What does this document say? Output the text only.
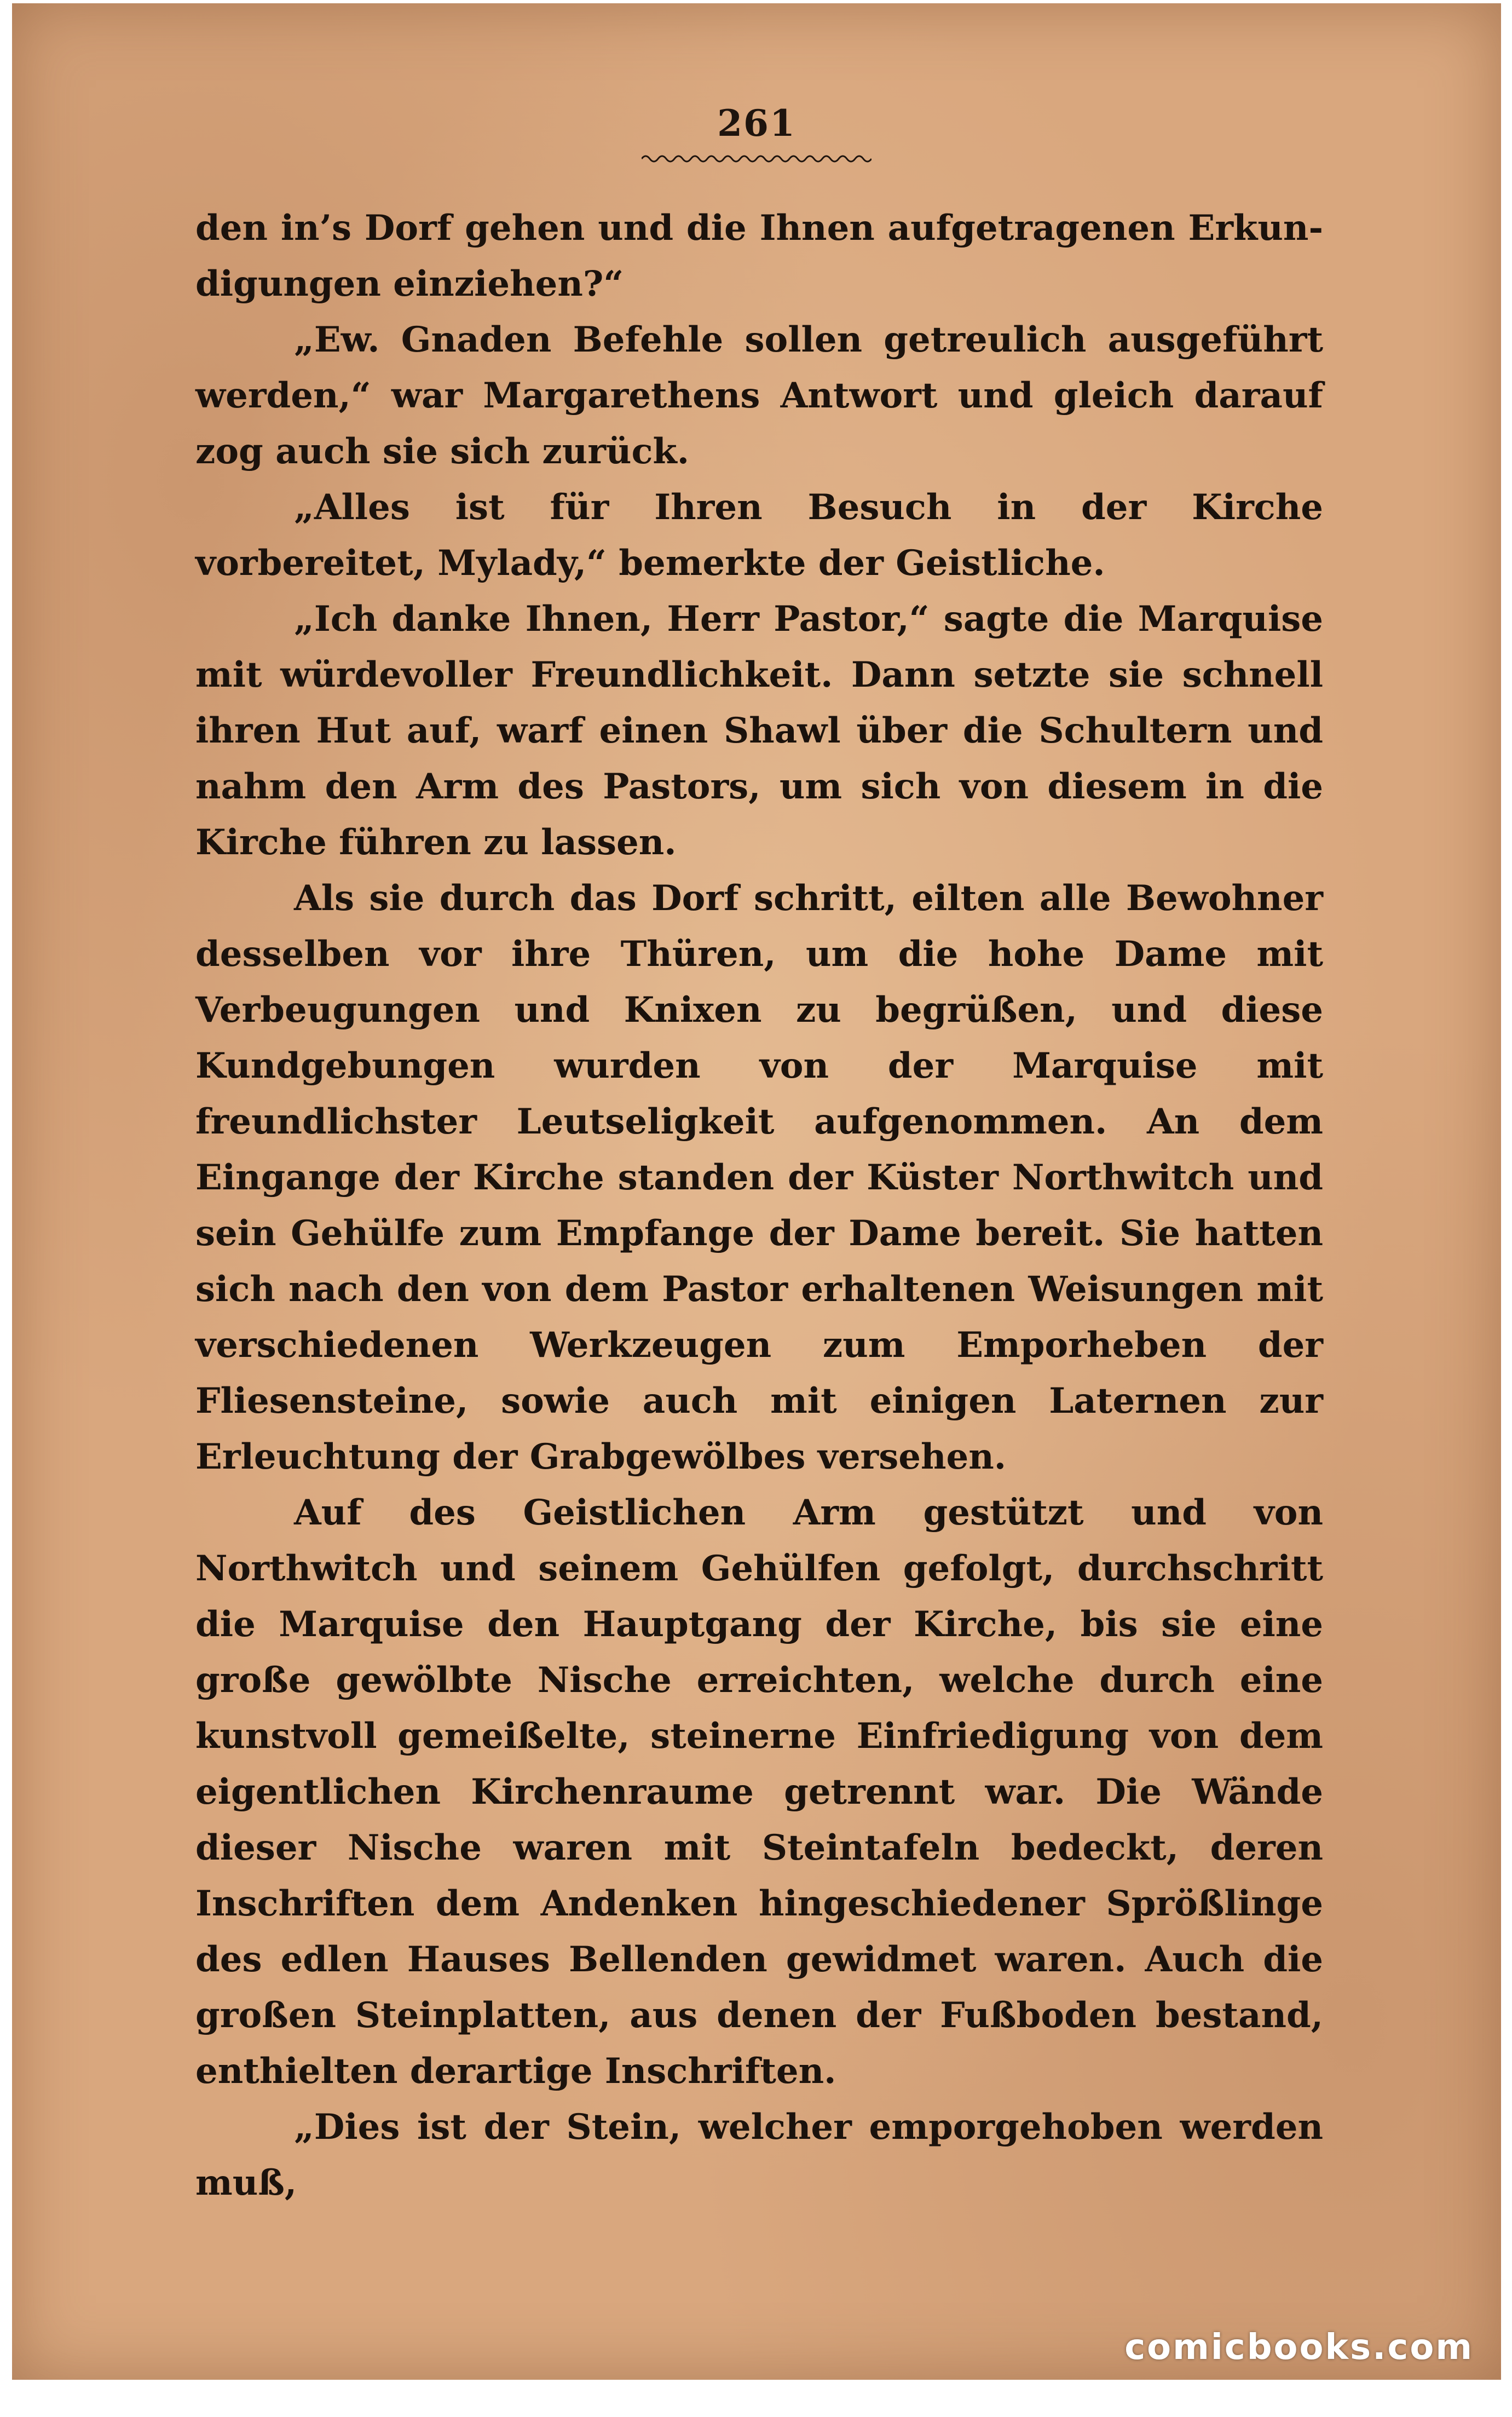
261

den in’s Dorf gehen und die Ihnen aufgetragenen Erkundigungen einziehen?“

„Ew. Gnaden Befehle sollen getreulich ausgeführt werden,“ war Margarethens Antwort und gleich darauf zog auch sie sich zurück.

„Alles ist für Ihren Besuch in der Kirche vorbereitet, Mylady,“ bemerkte der Geistliche.

„Ich danke Ihnen, Herr Pastor,“ sagte die Marquise mit würdevoller Freundlichkeit. Dann setzte sie schnell ihren Hut auf, warf einen Shawl über die Schultern und nahm den Arm des Pastors, um sich von diesem in die Kirche führen zu lassen.

Als sie durch das Dorf schritt, eilten alle Bewohner desselben vor ihre Thüren, um die hohe Dame mit Verbeugungen und Knixen zu begrüßen, und diese Kundgebungen wurden von der Marquise mit freundlichster Leutseligkeit aufgenommen. An dem Eingange der Kirche standen der Küster Northwitch und sein Gehülfe zum Empfange der Dame bereit. Sie hatten sich nach den von dem Pastor erhaltenen Weisungen mit verschiedenen Werkzeugen zum Emporheben der Fliesensteine, sowie auch mit einigen Laternen zur Erleuchtung der Grabgewölbes versehen.

Auf des Geistlichen Arm gestützt und von Northwitch und seinem Gehülfen gefolgt, durchschritt die Marquise den Hauptgang der Kirche, bis sie eine große gewölbte Nische erreichten, welche durch eine kunstvoll gemeißelte, steinerne Einfriedigung von dem eigentlichen Kirchenraume getrennt war. Die Wände dieser Nische waren mit Steintafeln bedeckt, deren Inschriften dem Andenken hingeschiedener Sprößlinge des edlen Hauses Bellenden gewidmet waren. Auch die großen Steinplatten, aus denen der Fußboden bestand, enthielten derartige Inschriften.

„Dies ist der Stein, welcher emporgehoben werden muß,

comicbooks.com
